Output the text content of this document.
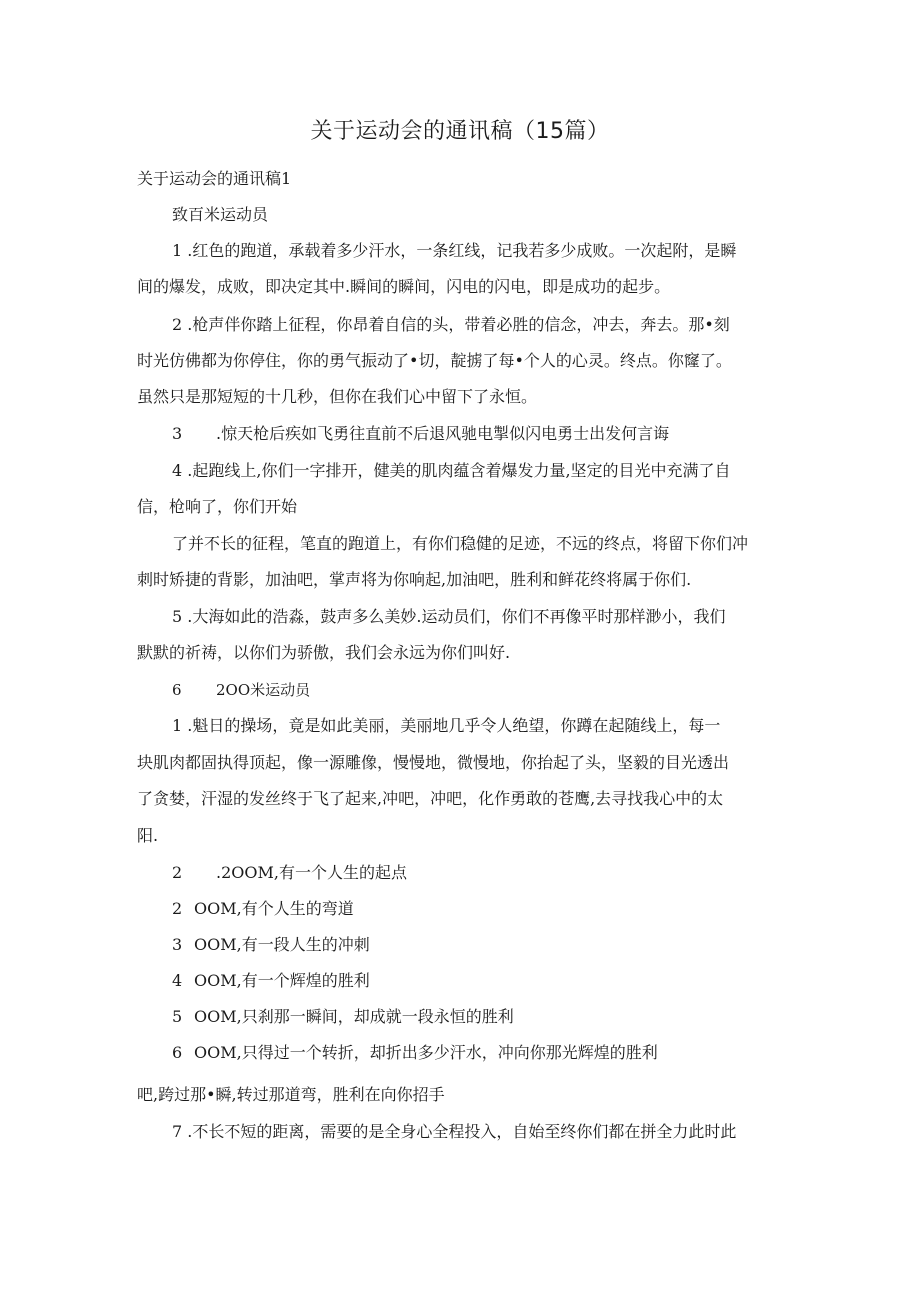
关于运动会的通讯稿（15篇）
关于运动会的通讯稿1
致百米运动员
1 .红色的跑道，承载着多少汗水，一条红线，记我若多少成败。一次起附，是瞬
间的爆发，成败，即决定其中.瞬间的瞬间，闪电的闪电，即是成功的起步。
2 .枪声伴你踏上征程，你昂着自信的头，带着必胜的信念，冲去，奔去。那•刻
时光仿佛都为你停住，你的勇气振动了•切，靛掳了每•个人的心灵。终点。你窿了。
虽然只是那短短的十几秒，但你在我们心中留下了永恒。
3 .惊天枪后疾如飞勇往直前不后退风驰电掣似闪电勇士出发何言诲
4 .起跑线上,你们一字排开，健美的肌肉蕴含着爆发力量,坚定的目光中充满了自
信，枪响了，你们开始
了并不长的征程，笔直的跑道上，有你们稳健的足迹，不远的终点，将留下你们冲
刺时矫捷的背影，加油吧，掌声将为你响起,加油吧，胜利和鲜花终将属于你们.
5 .大海如此的浩淼，鼓声多么美妙.运动员们，你们不再像平时那样渺小，我们
默默的祈祷，以你们为骄傲，我们会永远为你们叫好.
6 2OO米运动员
1 .魁日的操场，竟是如此美丽，美丽地几乎令人绝望，你蹲在起随线上，每一
块肌肉都固执得顶起，像一源雕像，慢慢地，微慢地，你抬起了头，坚毅的目光透出
了贪婪，汗湿的发丝终于飞了起来,冲吧，冲吧，化作勇敢的苍鹰,去寻找我心中的太
阳.
2 .2OOM,有一个人生的起点
2 OOM,有个人生的弯道
3 OOM,有一段人生的冲刺
4 OOM,有一个辉煌的胜利
5 OOM,只刹那一瞬间，却成就一段永恒的胜利
6 OOM,只得过一个转折，却折出多少汗水，冲向你那光辉煌的胜利
吧,跨过那•瞬,转过那道弯，胜利在向你招手
7 .不长不短的距离，需要的是全身心全程投入，自始至终你们都在拼全力此时此
